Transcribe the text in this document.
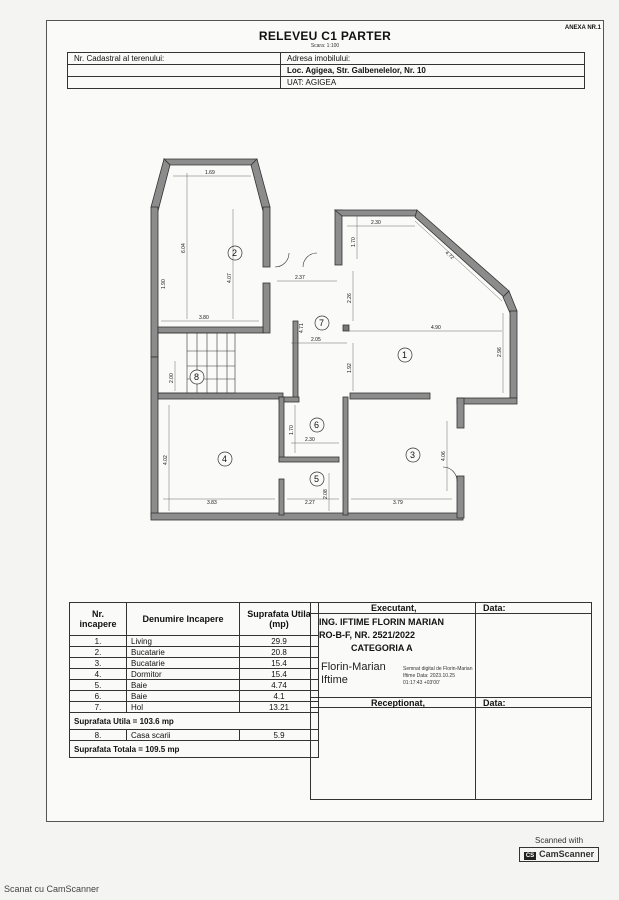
RELEVEU C1 PARTER
Scara: 1:100
Nr. Cadastral al terenului:	Adresa imobilului:
	Loc. Agigea, Str. Galbenelelor, Nr. 10
	UAT: AGIGEA
1.69
6.04
4.07
3.80
1.90
2.37
1.70
2.30
2.26
4.72
4.90
2.96
4.71
2.05
1.92
2.00
1.70
2.30
4.02	4.06
2.08
3.83	2.27	3.79
1
2
3
4
5
6
7
8
Nr. incapere	Denumire Incapere	Suprafata Utila (mp)
1.	Living	29.9
2.	Bucatarie	20.8
3.	Bucatarie	15.4
4.	Dormitor	15.4
5.	Baie	4.74
6.	Baie	4.1
7.	Hol	13.21
Suprafata Utila = 103.6 mp		
8.	Casa scarii	5.9
Suprafata Totala = 109.5 mp		
Executant,	Data:
ING. IFTIME FLORIN MARIAN
RO-B-F, NR. 2521/2022
CATEGORIA A
Florin-Marian Iftime
Semnat digital de Florin-Marian Iftime Data: 2023.10.25 01:17:43 +03'00'
Receptionat,	Data:
ANEXA NR.1
Scanned with
CS CamScanner
Scanat cu CamScanner
